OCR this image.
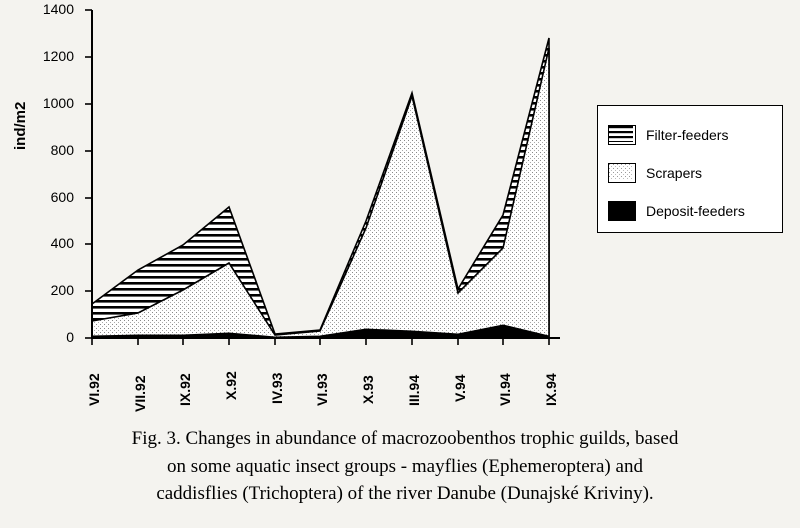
ind/m2
1400
1200
1000
800
600
400
200
0
VI.92 VII.92 IX.92 X.92 IV.93 VI.93 X.93 III.94 V.94 VI.94 IX.94
Filter-feeders
Scrapers
Deposit-feeders
Fig. 3. Changes in abundance of macrozoobenthos trophic guilds, based
on some aquatic insect groups - mayflies (Ephemeroptera) and
caddisflies (Trichoptera) of the river Danube (Dunajské Kriviny).
